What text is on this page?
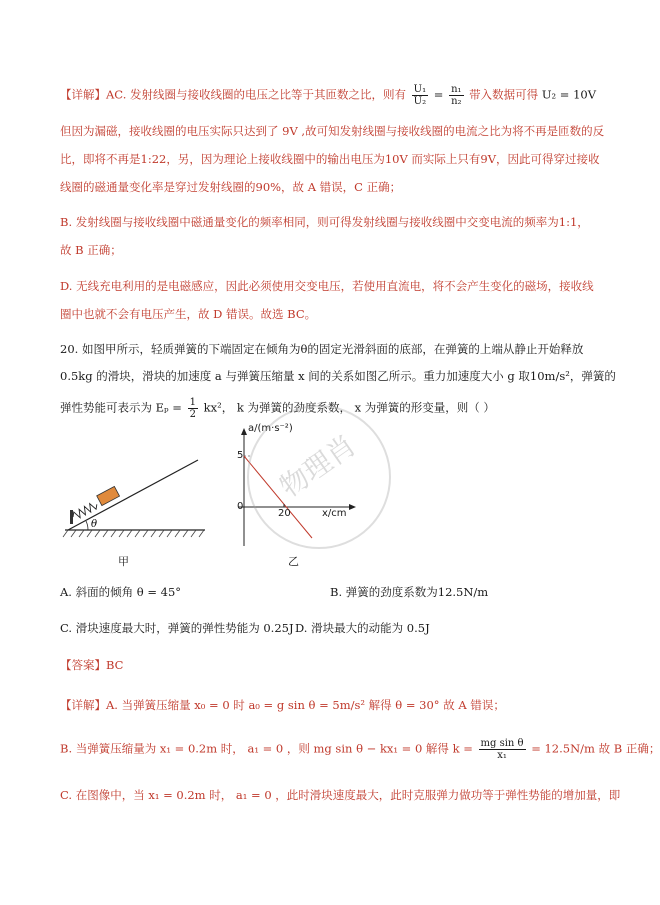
【详解】AC. 发射线圈与接收线圈的电压之比等于其匝数之比，则有 $\frac{\text{U₁}}{\text{U₂}} = \frac{\text{n₁}}{\text{n₂}}$ 带入数据可得 U₂ = 10V
但因为漏磁，接收线圈的电压实际只达到了 9V ,故可知发射线圈与接收线圈的电流之比为将不再是匝数的反
比，即将不再是1:22，另，因为理论上接收线圈中的输出电压为10V 而实际上只有9V，因此可得穿过接收
线圈的磁通量变化率是穿过发射线圈的90%，故 A 错误，C 正确；
B. 发射线圈与接收线圈中磁通量变化的频率相同，则可得发射线圈与接收线圈中交变电流的频率为1:1，
故 B 正确；
D. 无线充电利用的是电磁感应，因此必须使用交变电压，若使用直流电，将不会产生变化的磁场，接收线
圈中也就不会有电压产生，故 D 错误。故选 BC。
20. 如图甲所示，轻质弹簧的下端固定在倾角为θ的固定光滑斜面的底部，在弹簧的上端从静止开始释放
0.5kg 的滑块，滑块的加速度 a 与弹簧压缩量 x 间的关系如图乙所示。重力加速度大小 g 取10m/s²，弹簧的
弹性势能可表示为 $E_p = \frac{1}{2} kx^2$， k 为弹簧的劲度系数， x 为弹簧的形变量，则（ ）
θ
甲
a/(m·s⁻²)
5
0
20	x/cm
乙
物理肖
A. 斜面的倾角 θ = 45°	B. 弹簧的劲度系数为12.5N/m
C. 滑块速度最大时，弹簧的弹性势能为 0.25J D. 滑块最大的动能为 0.5J
【答案】BC
【详解】A. 当弹簧压缩量 x₀ = 0 时 a₀ = g sin θ = 5m/s² 解得 θ = 30° 故 A 错误；
B. 当弹簧压缩量为 x₁ = 0.2m 时， a₁ = 0 ，则 mg sin θ − kx₁ = 0 解得 $k = \frac{\text{mg sin θ}}{\text{x₁}} = 12.5N/m$ 故 B 正确；
C. 在图像中，当 x₁ = 0.2m 时， a₁ = 0 ，此时滑块速度最大，此时克服弹力做功等于弹性势能的增加量，即
